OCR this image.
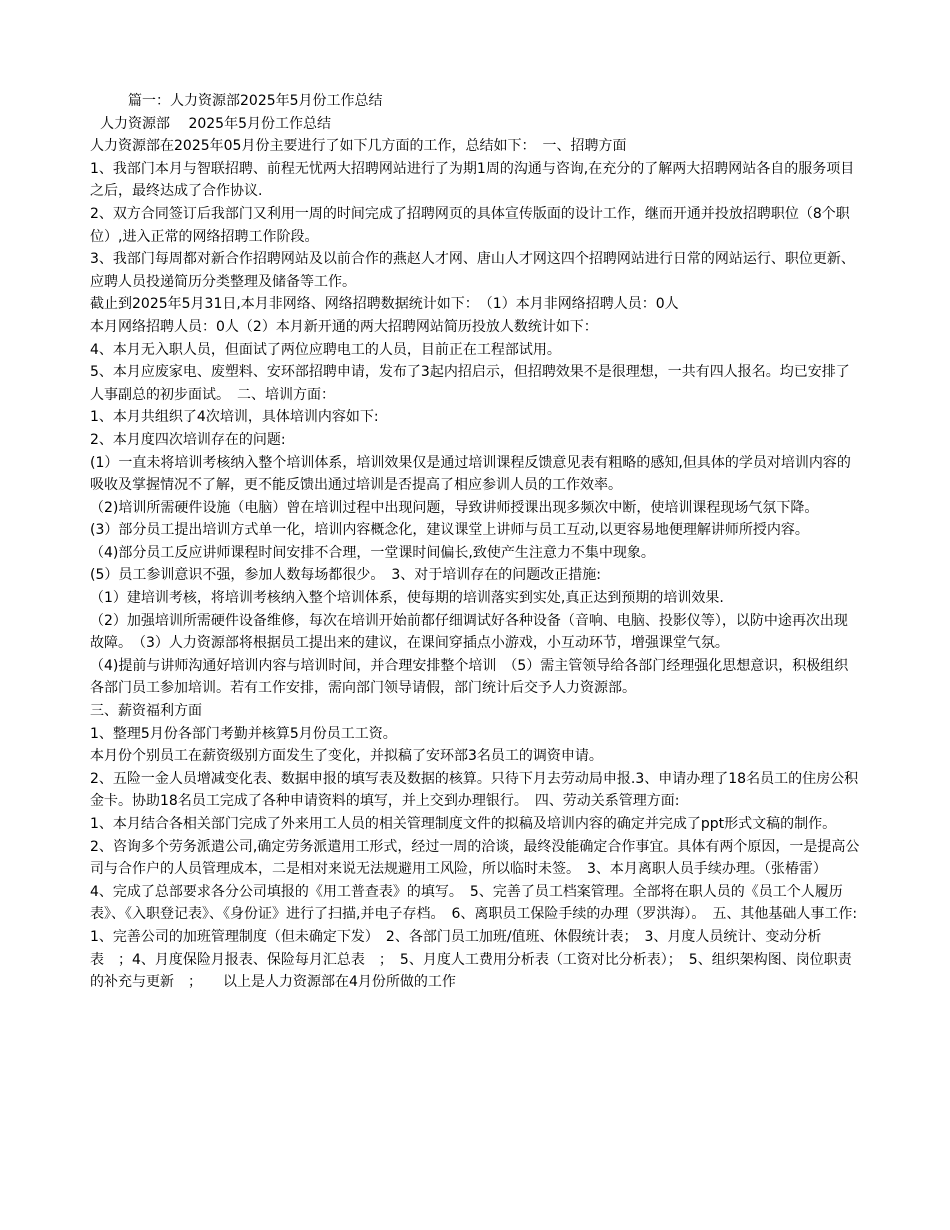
篇一：人力资源部2025年5月份工作总结

人力资源部　 2025年5月份工作总结

人力资源部在2025年05月份主要进行了如下几方面的工作，总结如下：　一、招聘方面

1、我部门本月与智联招聘、前程无忧两大招聘网站进行了为期1周的沟通与咨询,在充分的了解两大招聘网站各自的服务项目之后，最终达成了合作协议.

2、双方合同签订后我部门又利用一周的时间完成了招聘网页的具体宣传版面的设计工作，继而开通并投放招聘职位（8个职位）,进入正常的网络招聘工作阶段。

3、我部门每周都对新合作招聘网站及以前合作的燕赵人才网、唐山人才网这四个招聘网站进行日常的网站运行、职位更新、应聘人员投递简历分类整理及储备等工作。

截止到2025年5月31日,本月非网络、网络招聘数据统计如下：　（1）本月非网络招聘人员：0人

本月网络招聘人员：0人（2）本月新开通的两大招聘网站简历投放人数统计如下：

4、本月无入职人员，但面试了两位应聘电工的人员，目前正在工程部试用。

5、本月应废家电、废塑料、安环部招聘申请，发布了3起内招启示，但招聘效果不是很理想，一共有四人报名。均已安排了人事副总的初步面试。　二、培训方面：

1、本月共组织了4次培训，具体培训内容如下:

2、本月度四次培训存在的问题:

(1）一直未将培训考核纳入整个培训体系，培训效果仅是通过培训课程反馈意见表有粗略的感知,但具体的学员对培训内容的吸收及掌握情况不了解，更不能反馈出通过培训是否提高了相应参训人员的工作效率。

（2)培训所需硬件设施（电脑）曾在培训过程中出现问题，导致讲师授课出现多频次中断，使培训课程现场气氛下降。

(3）部分员工提出培训方式单一化，培训内容概念化，建议课堂上讲师与员工互动,以更容易地便理解讲师所授内容。

（4)部分员工反应讲师课程时间安排不合理，一堂课时间偏长,致使产生注意力不集中现象。

(5）员工参训意识不强，参加人数每场都很少。　3、对于培训存在的问题改正措施:

（1）建培训考核，将培训考核纳入整个培训体系，使每期的培训落实到实处,真正达到预期的培训效果.

（2）加强培训所需硬件设备维修，每次在培训开始前都仔细调试好各种设备（音响、电脑、投影仪等），以防中途再次出现故障。　（3）人力资源部将根据员工提出来的建议，在课间穿插点小游戏，小互动环节，增强课堂气氛。

（4)提前与讲师沟通好培训内容与培训时间，并合理安排整个培训　（5）需主管领导给各部门经理强化思想意识，积极组织各部门员工参加培训。若有工作安排，需向部门领导请假，部门统计后交予人力资源部。

三、薪资福利方面

1、整理5月份各部门考勤并核算5月份员工工资。

本月份个别员工在薪资级别方面发生了变化，并拟稿了安环部3名员工的调资申请。

2、五险一金人员增减变化表、数据申报的填写表及数据的核算。只待下月去劳动局申报.3、申请办理了18名员工的住房公积金卡。协助18名员工完成了各种申请资料的填写，并上交到办理银行。　四、劳动关系管理方面:

1、本月结合各相关部门完成了外来用工人员的相关管理制度文件的拟稿及培训内容的确定并完成了ppt形式文稿的制作。

2、咨询多个劳务派遣公司,确定劳务派遣用工形式，经过一周的洽谈，最终没能确定合作事宜。具体有两个原因，一是提高公司与合作户的人员管理成本，二是相对来说无法规避用工风险，所以临时未签。　3、本月离职人员手续办理。（张椿雷）

4、完成了总部要求各分公司填报的《用工普查表》的填写。　5、完善了员工档案管理。全部将在职人员的《员工个人履历表》、《入职登记表》、《身份证》进行了扫描,并电子存档。　6、离职员工保险手续的办理（罗洪海）。　五、其他基础人事工作:

1、完善公司的加班管理制度（但未确定下发）　2、各部门员工加班/值班、休假统计表；　3、月度人员统计、变动分析表　；4、月度保险月报表、保险每月汇总表　；　5、月度人工费用分析表（工资对比分析表）；　5、组织架构图、岗位职责的补充与更新　；　　以上是人力资源部在4月份所做的工作
